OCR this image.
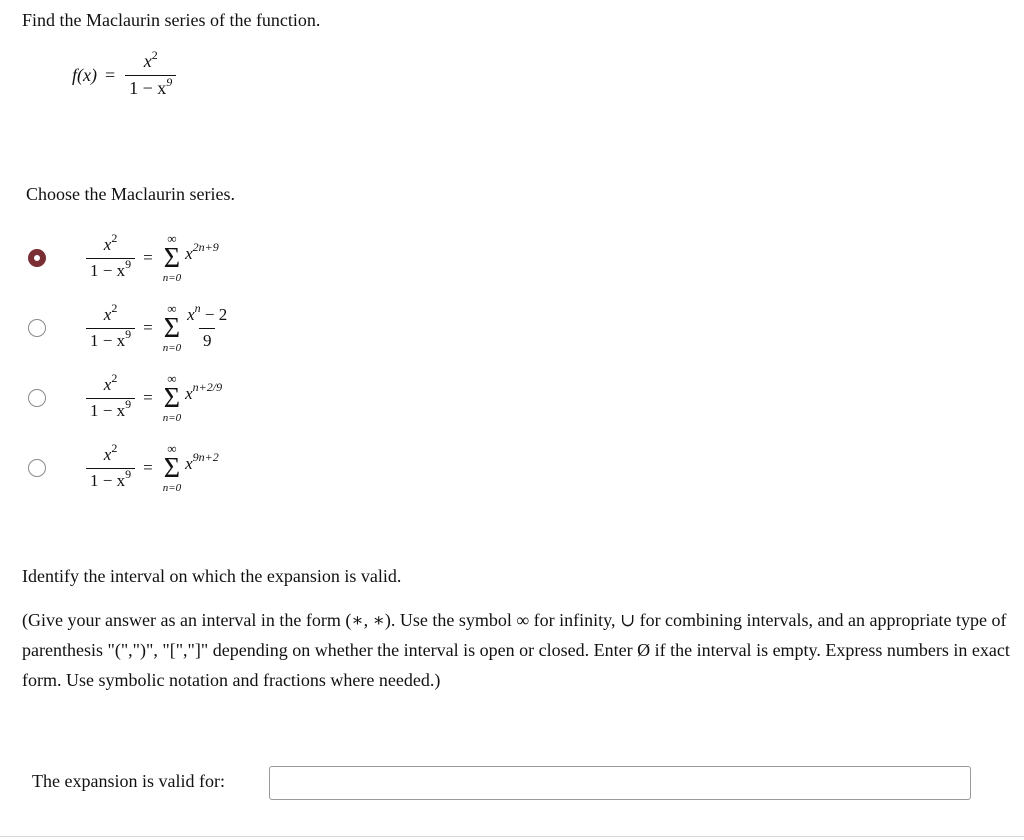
Find the Maclaurin series of the function.
$f(x) = \frac{x^2}{1 - x^9}$
Choose the Maclaurin series.
$\frac{x^2}{1 - x^9}$ =
∞
Σ
n=0
$x^{2n+9}$
$\frac{x^2}{1 - x^9}$ =
∞
Σ
$n=0 \frac{x^n - 2}{9}$
$\frac{x^2}{1 - x^9}$ =
∞
Σ
n=0
$x^{n+2/9}$
$\frac{x^2}{1 - x^9}$ =
∞
Σ
n=0
$x^{9n+2}$
Identify the interval on which the expansion is valid.
(Give your answer as an interval in the form (∗, ∗). Use the symbol ∞ for infinity, ∪ for combining intervals, and an appropriate type of parenthesis "(",")", "[","]" depending on whether the interval is open or closed. Enter Ø if the interval is empty. Express numbers in exact form. Use symbolic notation and fractions where needed.)
The expansion is valid for:
